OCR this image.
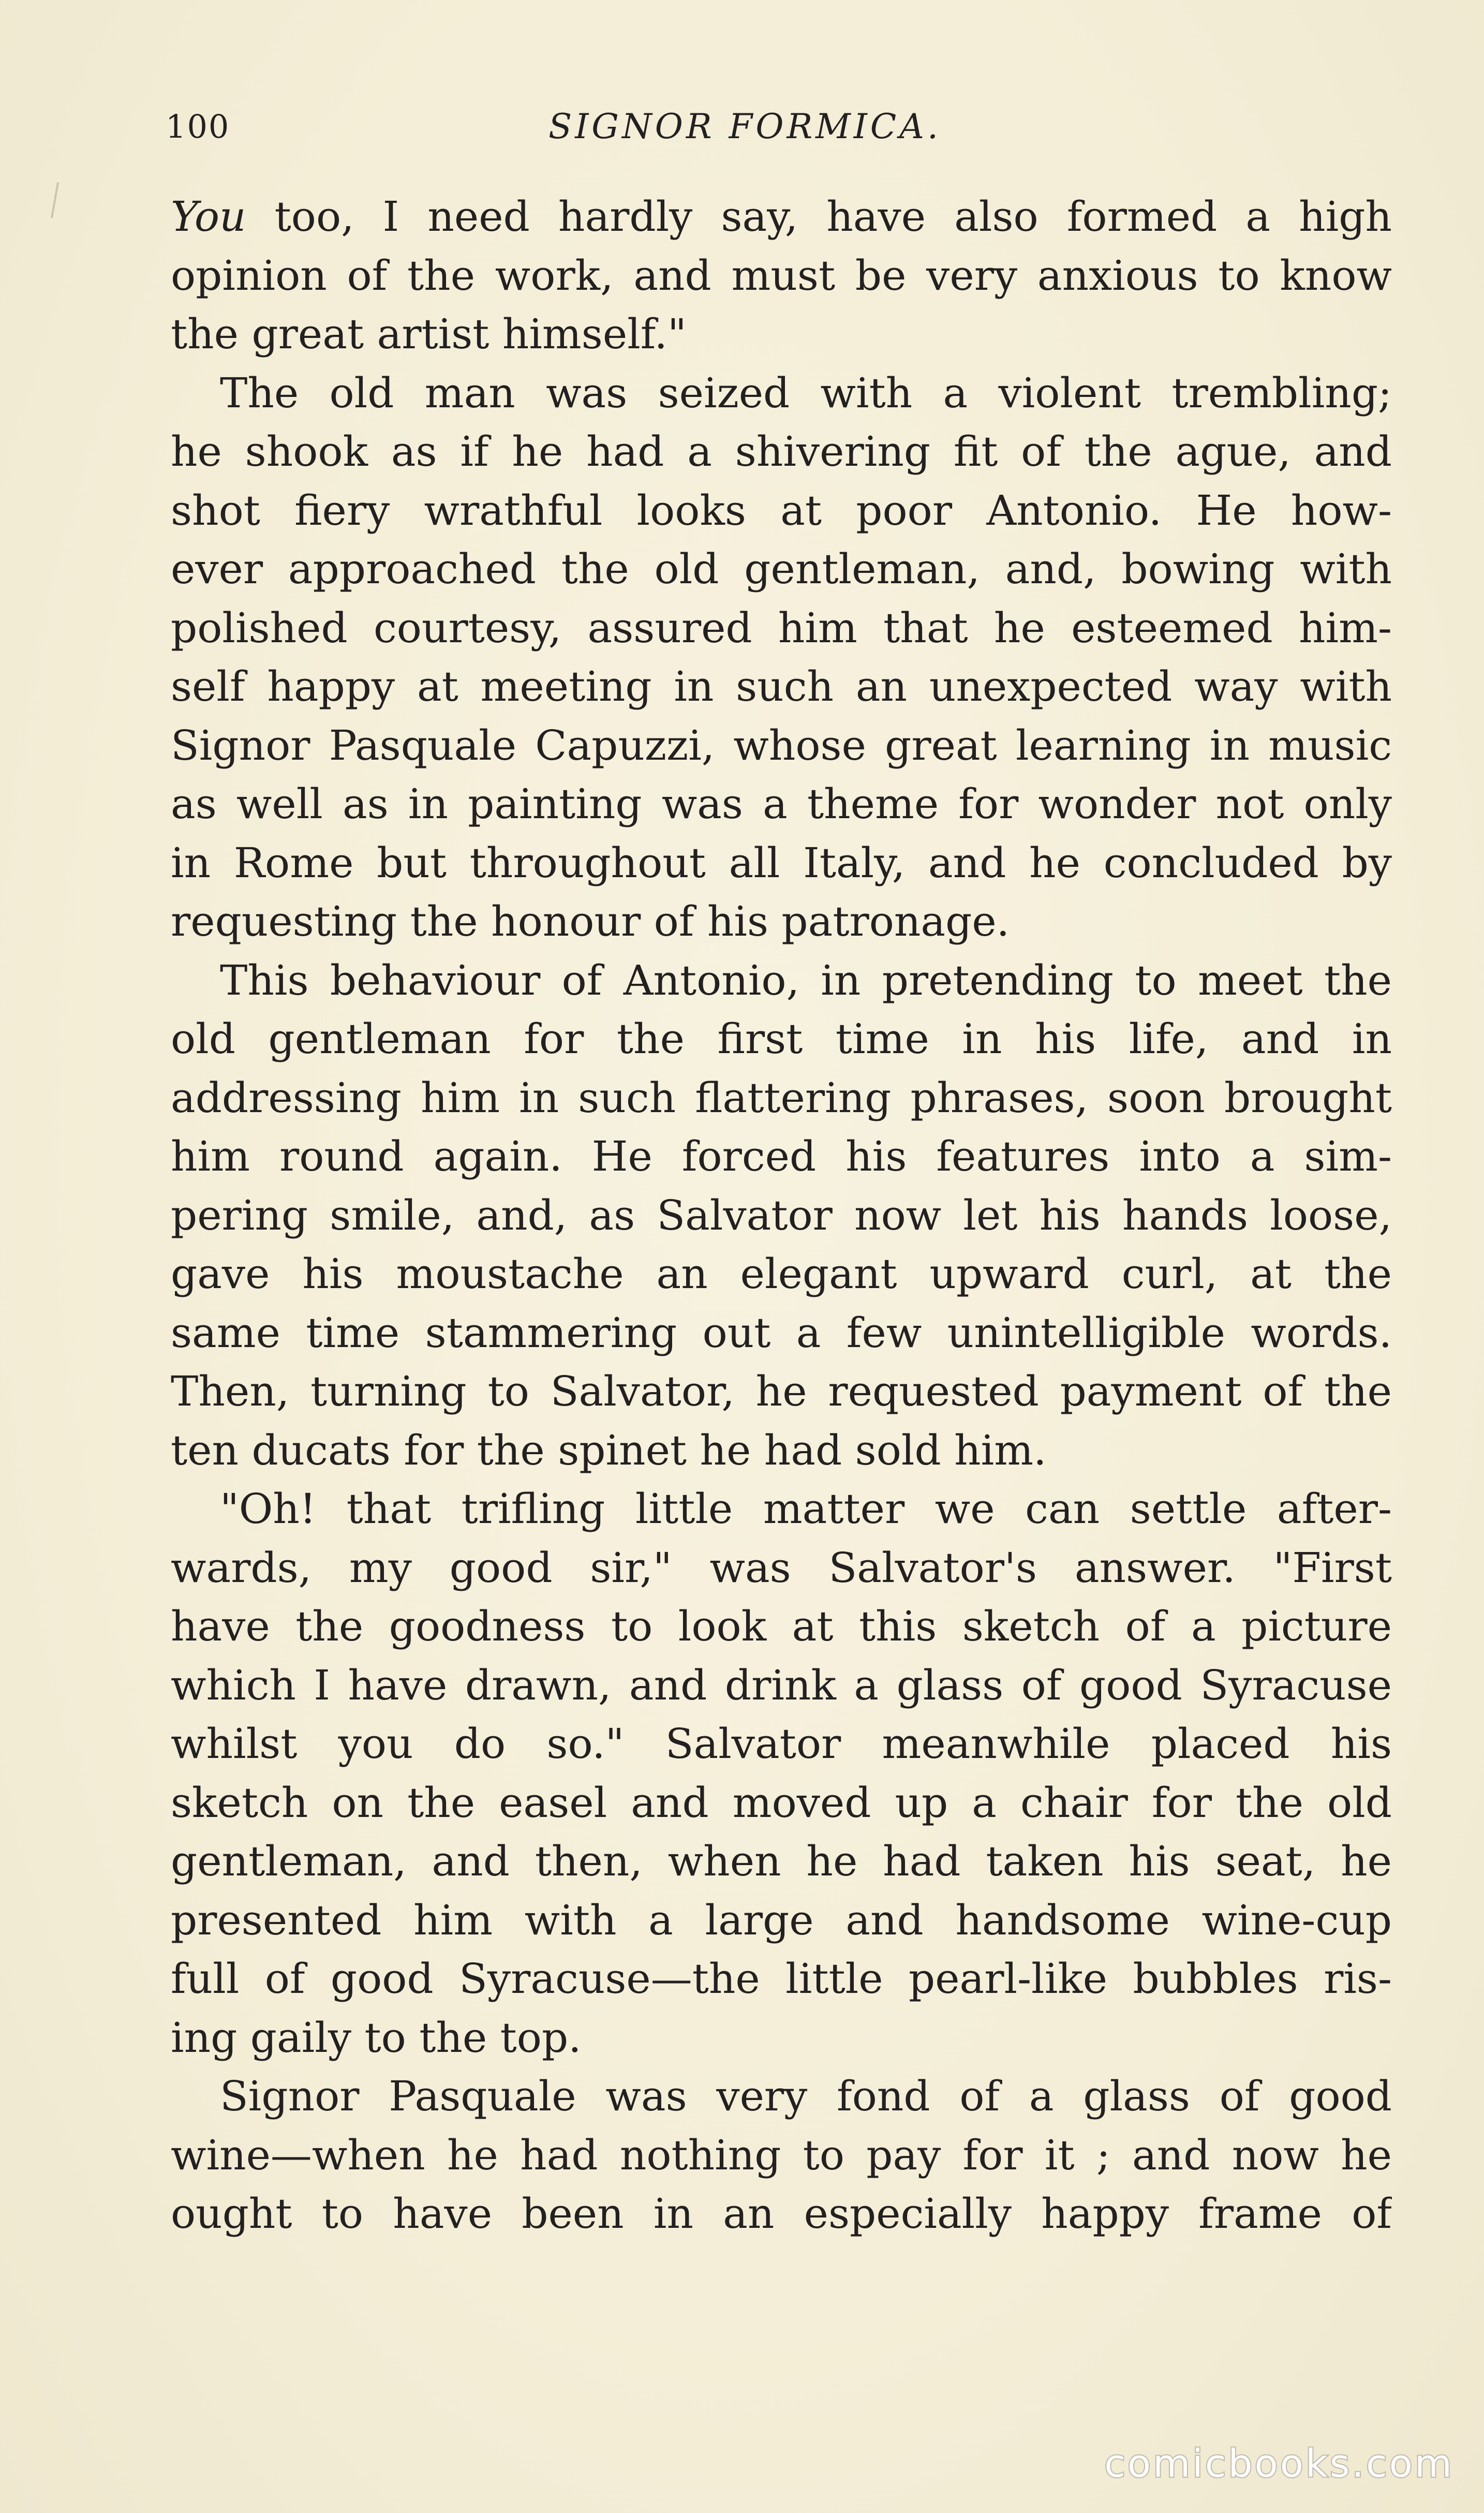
100	SIGNOR FORMICA.
You too, I need hardly say, have also formed a high
opinion of the work, and must be very anxious to know
the great artist himself."
The old man was seized with a violent trembling;
he shook as if he had a shivering fit of the ague, and
shot fiery wrathful looks at poor Antonio. He how-
ever approached the old gentleman, and, bowing with
polished courtesy, assured him that he esteemed him-
self happy at meeting in such an unexpected way with
Signor Pasquale Capuzzi, whose great learning in music
as well as in painting was a theme for wonder not only
in Rome but throughout all Italy, and he concluded by
requesting the honour of his patronage.
This behaviour of Antonio, in pretending to meet the
old gentleman for the first time in his life, and in
addressing him in such flattering phrases, soon brought
him round again. He forced his features into a sim-
pering smile, and, as Salvator now let his hands loose,
gave his moustache an elegant upward curl, at the
same time stammering out a few unintelligible words.
Then, turning to Salvator, he requested payment of the
ten ducats for the spinet he had sold him.
"Oh! that trifling little matter we can settle after-
wards, my good sir," was Salvator's answer. "First
have the goodness to look at this sketch of a picture
which I have drawn, and drink a glass of good Syracuse
whilst you do so." Salvator meanwhile placed his
sketch on the easel and moved up a chair for the old
gentleman, and then, when he had taken his seat, he
presented him with a large and handsome wine-cup
full of good Syracuse—the little pearl-like bubbles ris-
ing gaily to the top.
Signor Pasquale was very fond of a glass of good
wine—when he had nothing to pay for it ; and now he
ought to have been in an especially happy frame of
comicbooks.com
